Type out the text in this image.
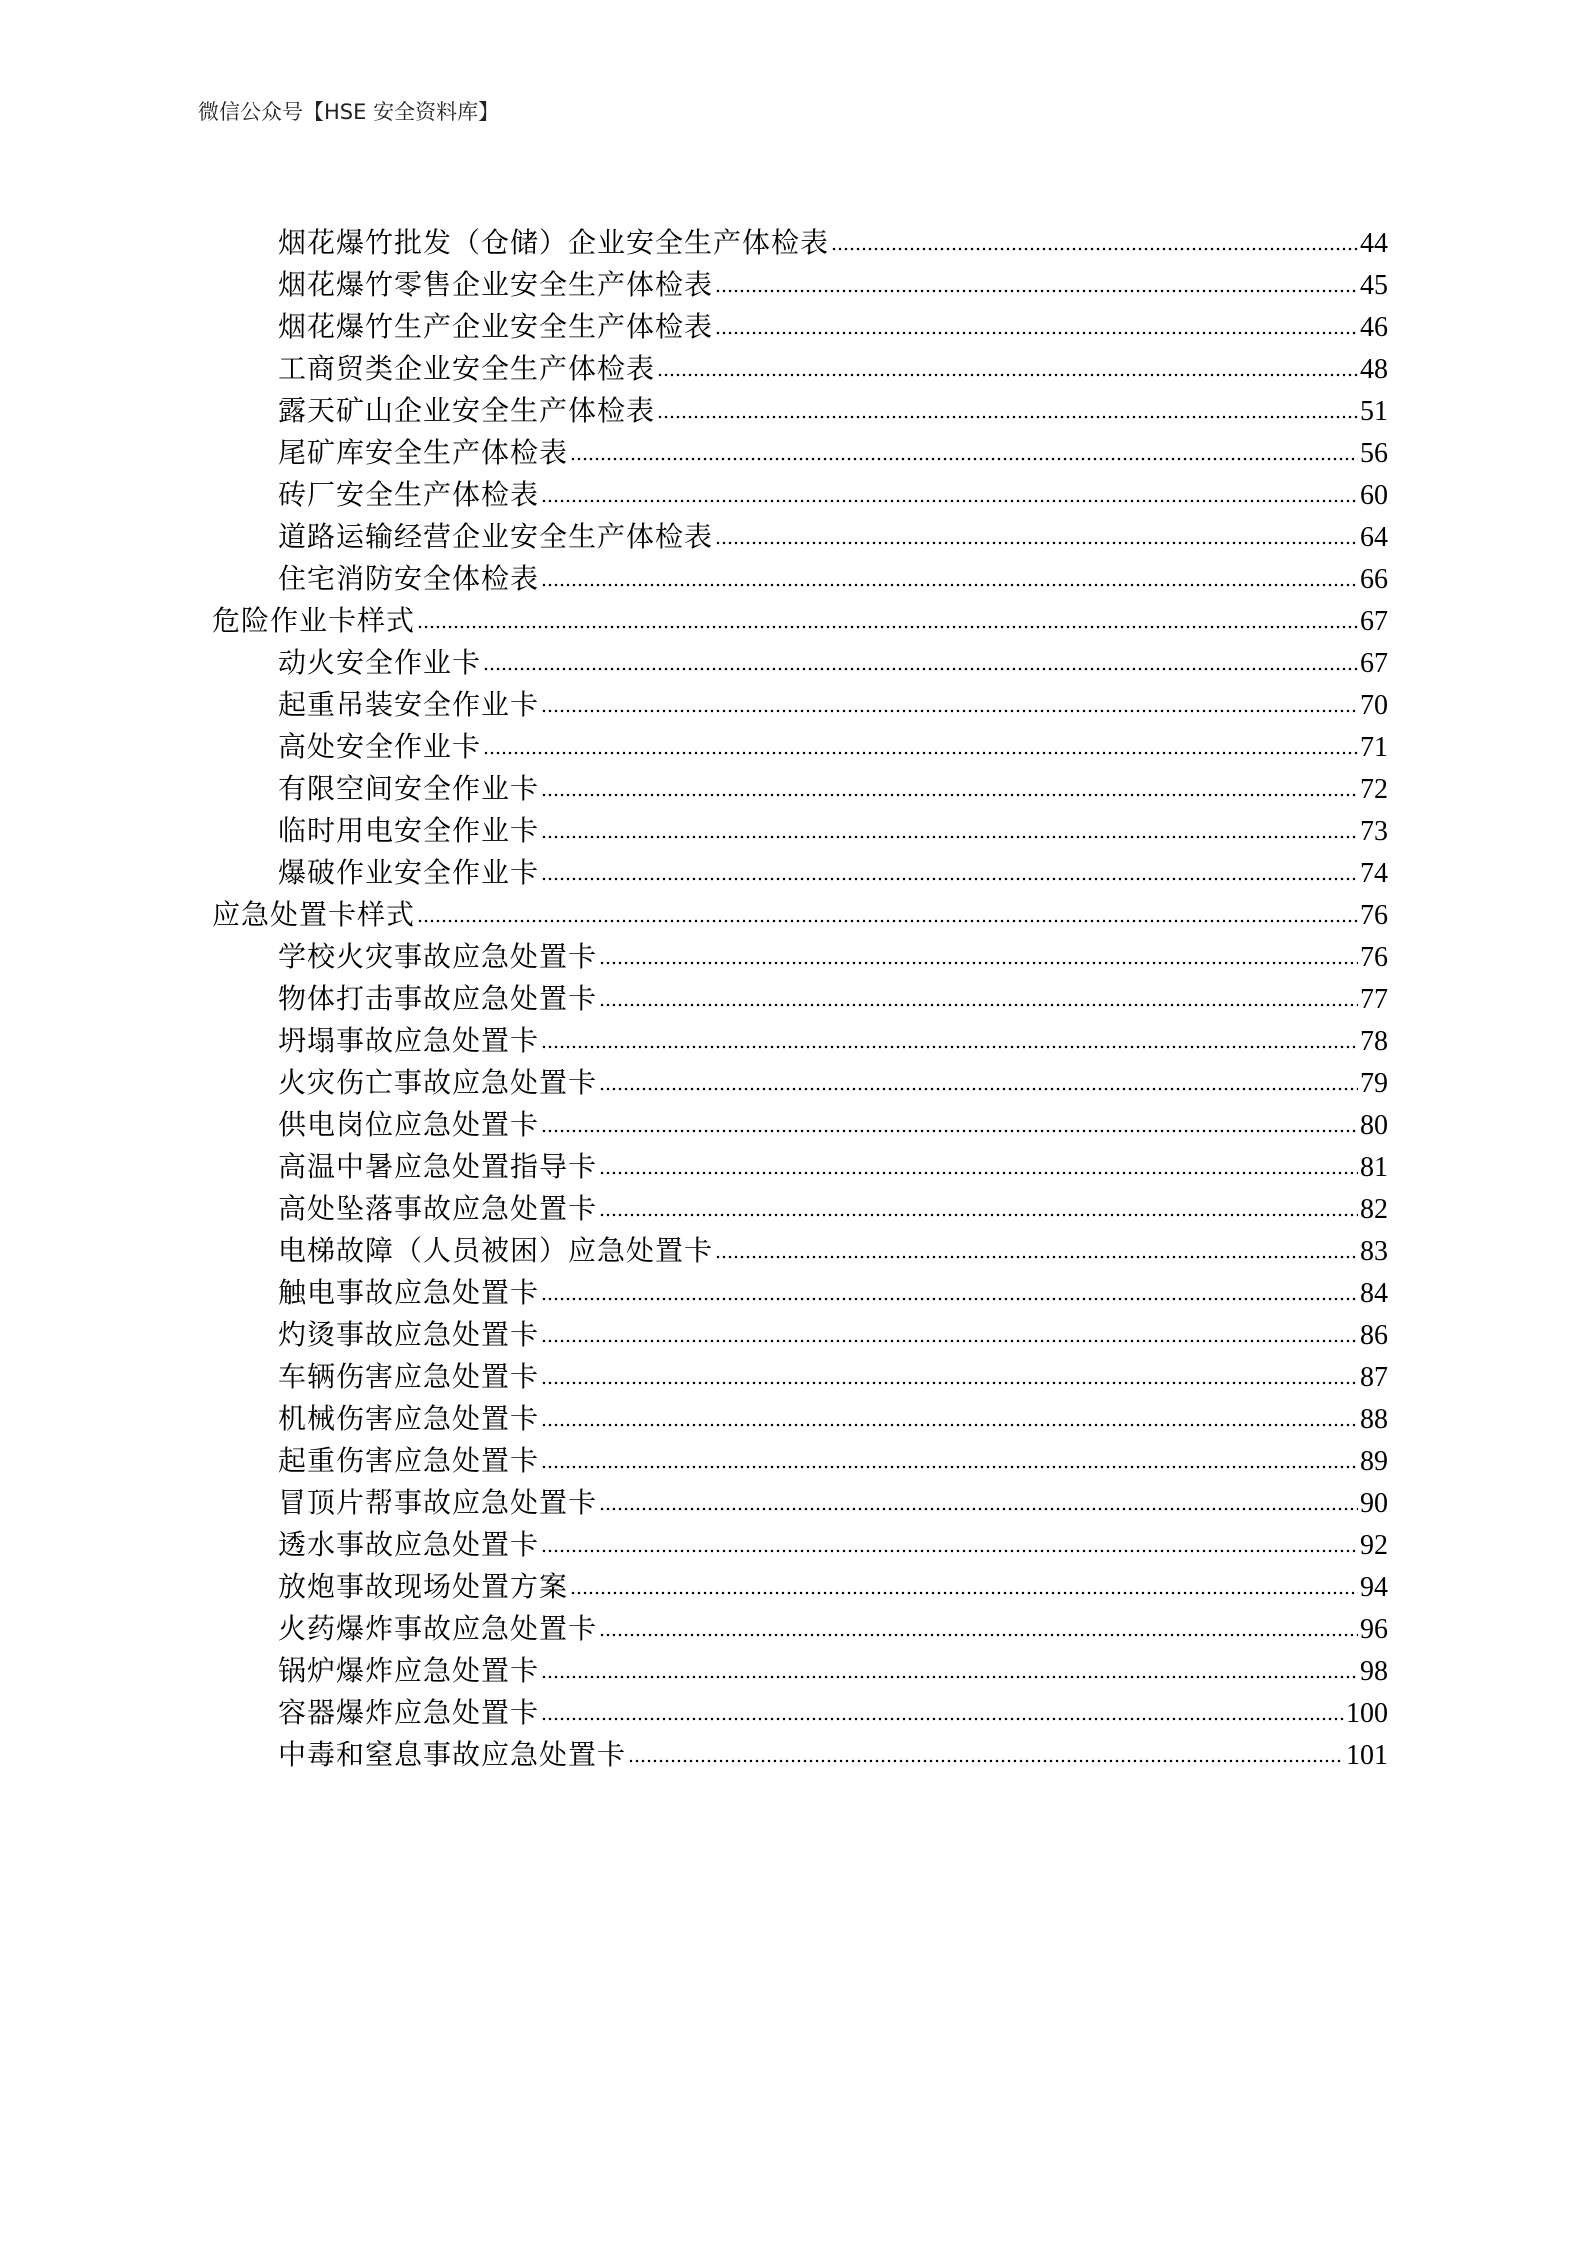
微信公众号【HSE 安全资料库】
烟花爆竹批发（仓储）企业安全生产体检表	44
烟花爆竹零售企业安全生产体检表	45
烟花爆竹生产企业安全生产体检表	46
工商贸类企业安全生产体检表	48
露天矿山企业安全生产体检表	51
尾矿库安全生产体检表	56
砖厂安全生产体检表	60
道路运输经营企业安全生产体检表	64
住宅消防安全体检表	66
危险作业卡样式	67
动火安全作业卡	67
起重吊装安全作业卡	70
高处安全作业卡	71
有限空间安全作业卡	72
临时用电安全作业卡	73
爆破作业安全作业卡	74
应急处置卡样式	76
学校火灾事故应急处置卡	76
物体打击事故应急处置卡	77
坍塌事故应急处置卡	78
火灾伤亡事故应急处置卡	79
供电岗位应急处置卡	80
高温中暑应急处置指导卡	81
高处坠落事故应急处置卡	82
电梯故障（人员被困）应急处置卡	83
触电事故应急处置卡	84
灼烫事故应急处置卡	86
车辆伤害应急处置卡	87
机械伤害应急处置卡	88
起重伤害应急处置卡	89
冒顶片帮事故应急处置卡	90
透水事故应急处置卡	92
放炮事故现场处置方案	94
火药爆炸事故应急处置卡	96
锅炉爆炸应急处置卡	98
容器爆炸应急处置卡	100
中毒和窒息事故应急处置卡	101
